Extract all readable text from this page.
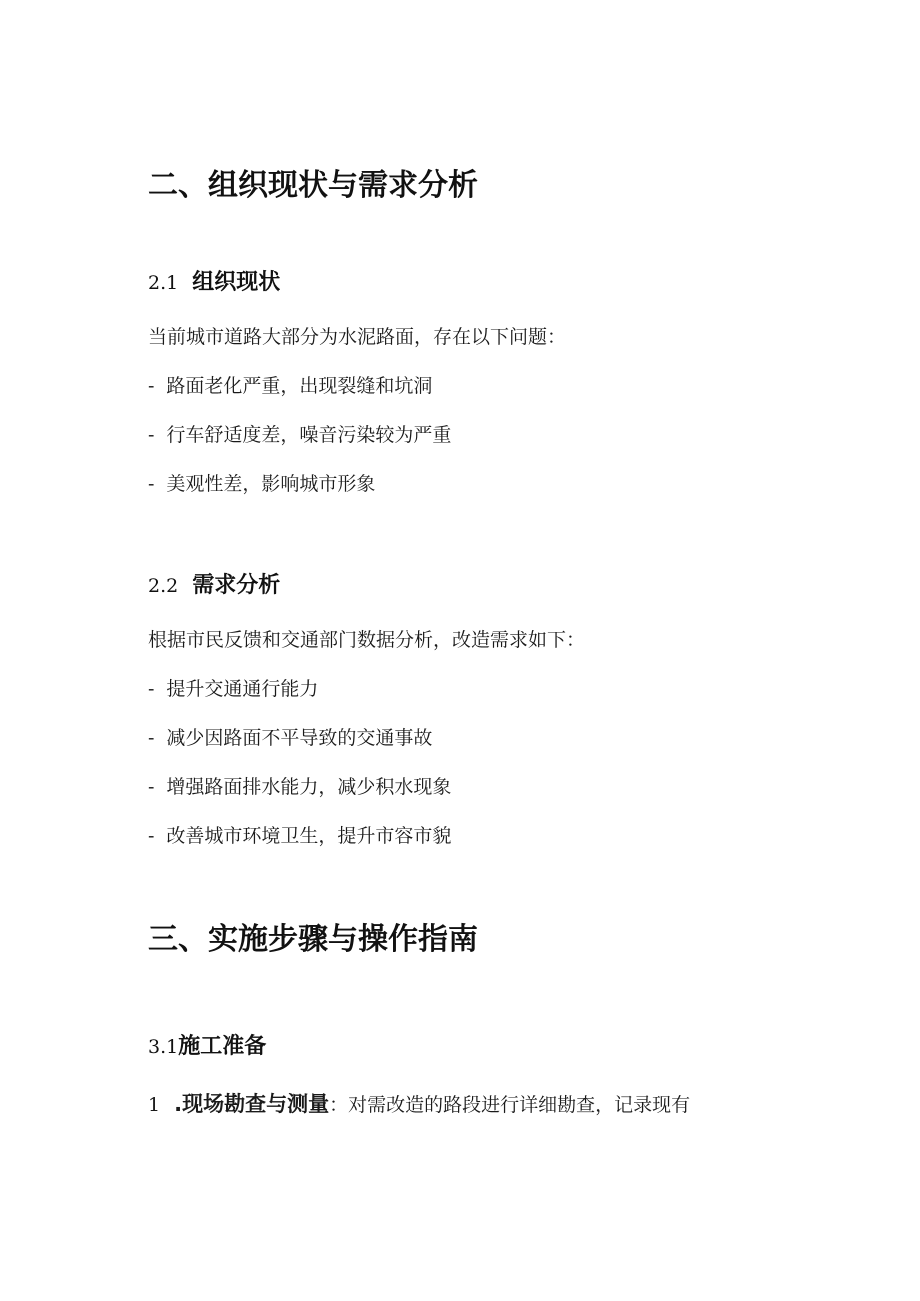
二、组织现状与需求分析
2.1 组织现状
当前城市道路大部分为水泥路面，存在以下问题：
- 路面老化严重，出现裂缝和坑洞
- 行车舒适度差，噪音污染较为严重
- 美观性差，影响城市形象
2.2 需求分析
根据市民反馈和交通部门数据分析，改造需求如下：
- 提升交通通行能力
- 减少因路面不平导致的交通事故
- 增强路面排水能力，减少积水现象
- 改善城市环境卫生，提升市容市貌
三、实施步骤与操作指南
3.1施工准备
1 .现场勘查与测量：对需改造的路段进行详细勘查，记录现有
